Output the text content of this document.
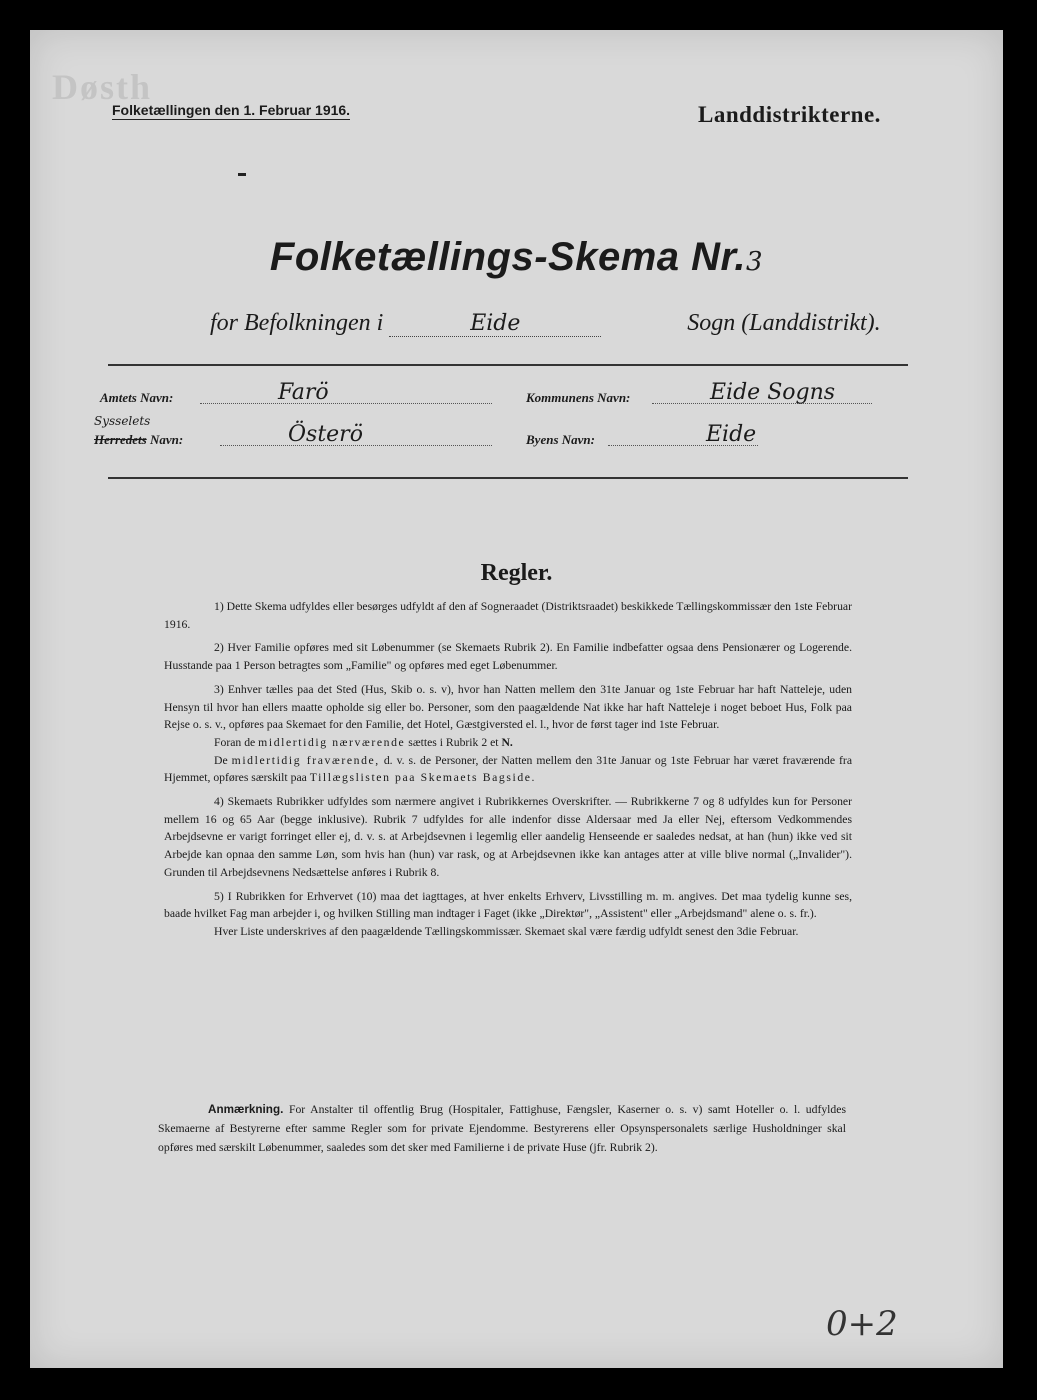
Døsth
Folketællingen den 1. Februar 1916.	Landdistrikterne.
Folketællings-Skema Nr.3
for Befolkningen i	Eide	Sogn (Landdistrikt).
Amtets Navn:	Farö	Kommunens Navn:	Eide Sogns
Sysselets
Herredets Navn:	Österö	Byens Navn:	Eide
Regler.

1) Dette Skema udfyldes eller besørges udfyldt af den af Sogneraadet (Distriktsraadet) beskikkede Tællingskommissær den 1ste Februar 1916.

2) Hver Familie opføres med sit Løbenummer (se Skemaets Rubrik 2). En Familie indbefatter ogsaa dens Pensionærer og Logerende. Husstande paa 1 Person betragtes som „Familie" og opføres med eget Løbenummer.

3) Enhver tælles paa det Sted (Hus, Skib o. s. v), hvor han Natten mellem den 31te Januar og 1ste Februar har haft Natteleje, uden Hensyn til hvor han ellers maatte opholde sig eller bo. Personer, som den paagældende Nat ikke har haft Natteleje i noget beboet Hus, Folk paa Rejse o. s. v., opføres paa Skemaet for den Familie, det Hotel, Gæstgiversted el. l., hvor de først tager ind 1ste Februar.

Foran de midlertidig nærværende sættes i Rubrik 2 et N.

De midlertidig fraværende, d. v. s. de Personer, der Natten mellem den 31te Januar og 1ste Februar har været fraværende fra Hjemmet, opføres særskilt paa Tillægslisten paa Skemaets Bagside.

4) Skemaets Rubrikker udfyldes som nærmere angivet i Rubrikkernes Overskrifter. — Rubrikkerne 7 og 8 udfyldes kun for Personer mellem 16 og 65 Aar (begge inklusive). Rubrik 7 udfyldes for alle indenfor disse Aldersaar med Ja eller Nej, eftersom Vedkommendes Arbejdsevne er varigt forringet eller ej, d. v. s. at Arbejdsevnen i legemlig eller aandelig Henseende er saaledes nedsat, at han (hun) ikke ved sit Arbejde kan opnaa den samme Løn, som hvis han (hun) var rask, og at Arbejdsevnen ikke kan antages atter at ville blive normal („Invalider"). Grunden til Arbejdsevnens Nedsættelse anføres i Rubrik 8.

5) I Rubrikken for Erhvervet (10) maa det iagttages, at hver enkelts Erhverv, Livsstilling m. m. angives. Det maa tydelig kunne ses, baade hvilket Fag man arbejder i, og hvilken Stilling man indtager i Faget (ikke „Direktør", „Assistent" eller „Arbejdsmand" alene o. s. fr.).

Hver Liste underskrives af den paagældende Tællingskommissær. Skemaet skal være færdig udfyldt senest den 3die Februar.

Anmærkning. For Anstalter til offentlig Brug (Hospitaler, Fattighuse, Fængsler, Kaserner o. s. v) samt Hoteller o. l. udfyldes Skemaerne af Bestyrerne efter samme Regler som for private Ejendomme. Bestyrerens eller Opsynspersonalets særlige Husholdninger skal opføres med særskilt Løbenummer, saaledes som det sker med Familierne i de private Huse (jfr. Rubrik 2).

0+2
